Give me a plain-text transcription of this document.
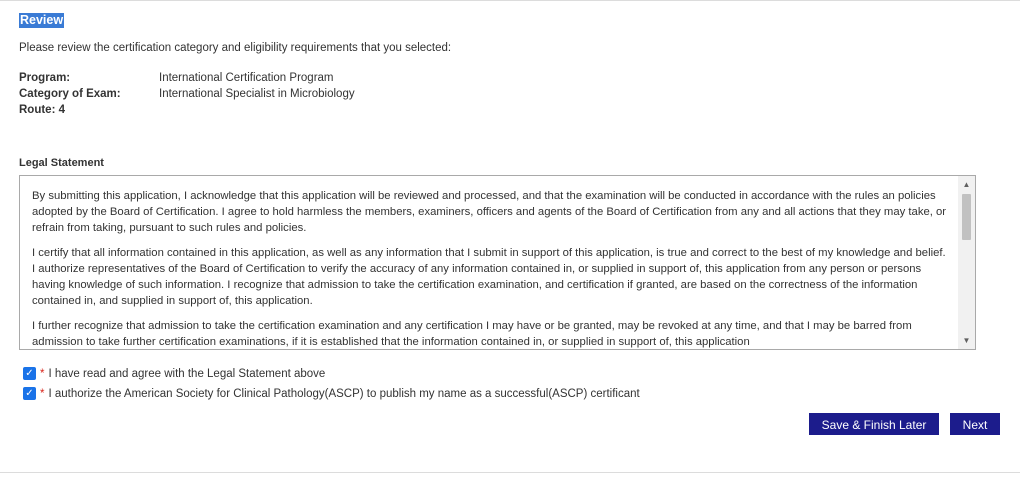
Review
Please review the certification category and eligibility requirements that you selected:
Program:	International Certification Program
Category of Exam:	International Specialist in Microbiology
Route: 4
Legal Statement

By submitting this application, I acknowledge that this application will be reviewed and processed, and that the examination will be conducted in accordance with the rules an policies adopted by the Board of Certification. I agree to hold harmless the members, examiners, officers and agents of the Board of Certification from any and all actions that they may take, or refrain from taking, pursuant to such rules and policies.

I certify that all information contained in this application, as well as any information that I submit in support of this application, is true and correct to the best of my knowledge and belief. I authorize representatives of the Board of Certification to verify the accuracy of any information contained in, or supplied in support of, this application from any person or persons having knowledge of such information. I recognize that admission to take the certification examination, and certification if granted, are based on the correctness of the information contained in, and supplied in support of, this application.

I further recognize that admission to take the certification examination and any certification I may have or be granted, may be revoked at any time, and that I may be barred from admission to take further certification examinations, if it is established that the information contained in, or supplied in support of, this application

▲
▼
✓ * I have read and agree with the Legal Statement above
✓ * I authorize the American Society for Clinical Pathology(ASCP) to publish my name as a successful(ASCP) certificant
Save & Finish Later	Next
